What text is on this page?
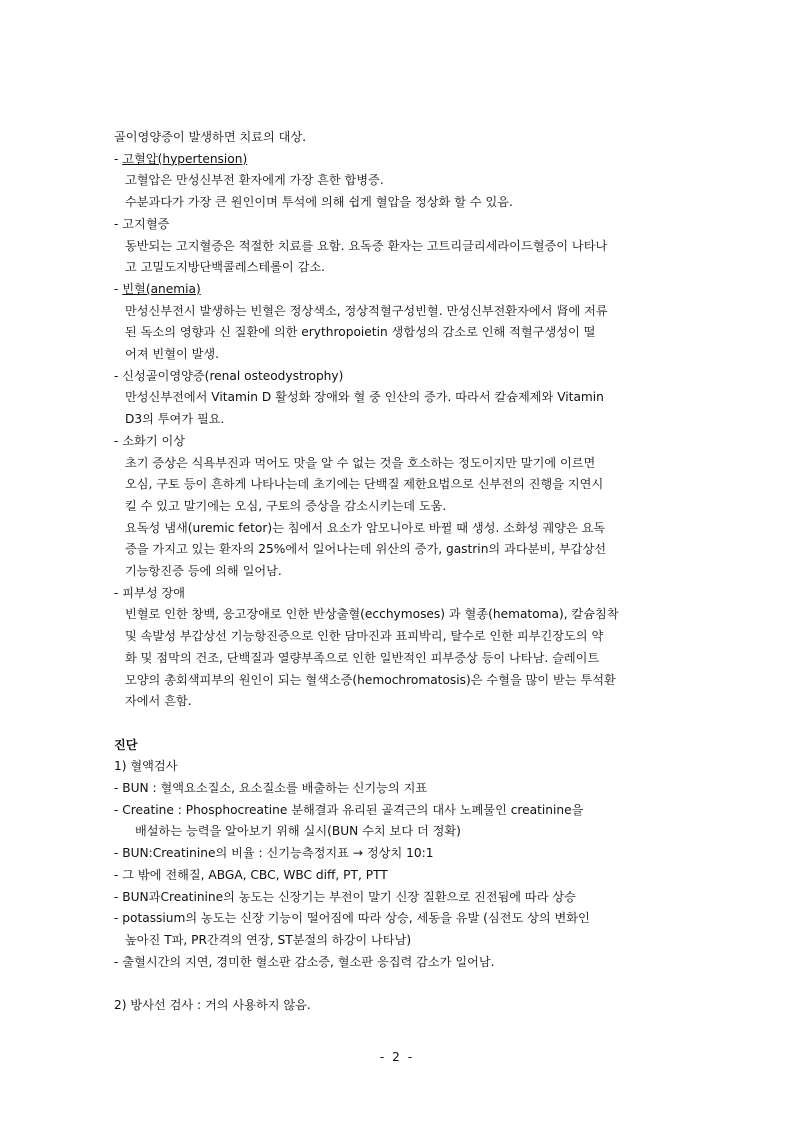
골이영양증이 발생하면 치료의 대상.

- 고혈압(hypertension)

고혈압은 만성신부전 환자에게 가장 흔한 합병증.

수분과다가 가장 큰 원인이며 투석에 의해 쉽게 혈압을 정상화 할 수 있음.

- 고지혈증

동반되는 고지혈증은 적절한 치료를 요함. 요독증 환자는 고트리글리세라이드혈증이 나타나

고 고밀도지방단백콜레스테롤이 감소.

- 빈혈(anemia)

만성신부전시 발생하는 빈혈은 정상색소, 정상적혈구성빈혈. 만성신부전환자에서 肾에 저류

된 독소의 영향과 신 질환에 의한 erythropoietin 생합성의 감소로 인해 적혈구생성이 떨

어져 빈혈이 발생.

- 신성골이영양증(renal osteodystrophy)

만성신부전에서 Vitamin D 활성화 장애와 혈 중 인산의 증가. 따라서 칼슘제제와 Vitamin

D3의 투여가 필요.

- 소화기 이상

초기 증상은 식욕부진과 먹어도 맛을 알 수 없는 것을 호소하는 정도이지만 말기에 이르면

오심, 구토 등이 흔하게 나타나는데 초기에는 단백질 제한요법으로 신부전의 진행을 지연시

킬 수 있고 말기에는 오심, 구토의 증상을 감소시키는데 도움.

요독성 냄새(uremic fetor)는 침에서 요소가 암모니아로 바뀔 때 생성. 소화성 궤양은 요독

증을 가지고 있는 환자의 25%에서 일어나는데 위산의 증가, gastrin의 과다분비, 부갑상선

기능항진증 등에 의해 일어남.

- 피부성 장애

빈혈로 인한 창백, 응고장애로 인한 반상출혈(ecchymoses) 과 혈종(hematoma), 칼슘침착

및 속발성 부갑상선 기능항진증으로 인한 담마진과 표피박리, 탈수로 인한 피부긴장도의 약

화 및 점막의 건조, 단백질과 열량부족으로 인한 일반적인 피부증상 등이 나타남. 슬레이트

모양의 총회색피부의 원인이 되는 혈색소증(hemochromatosis)은 수혈을 많이 받는 투석환

자에서 흔함.

진단

1) 혈액검사

- BUN : 혈액요소질소, 요소질소를 배출하는 신기능의 지표

- Creatine : Phosphocreatine 분해결과 유리된 골격근의 대사 노폐물인 creatinine을

배설하는 능력을 알아보기 위해 실시(BUN 수치 보다 더 정확)

- BUN:Creatinine의 비율 : 신기능측정지표 → 정상치 10:1

- 그 밖에 전해질, ABGA, CBC, WBC diff, PT, PTT

- BUN과Creatinine의 농도는 신장기는 부전이 말기 신장 질환으로 진전됨에 따라 상승

- potassium의 농도는 신장 기능이 떨어짐에 따라 상승, 세동을 유발 (심전도 상의 변화인

높아진 T파, PR간격의 연장, ST분절의 하강이 나타남)

- 출혈시간의 지연, 경미한 혈소판 감소증, 혈소판 응집력 감소가 일어남.

2) 방사선 검사 : 거의 사용하지 않음.

- 2 -
